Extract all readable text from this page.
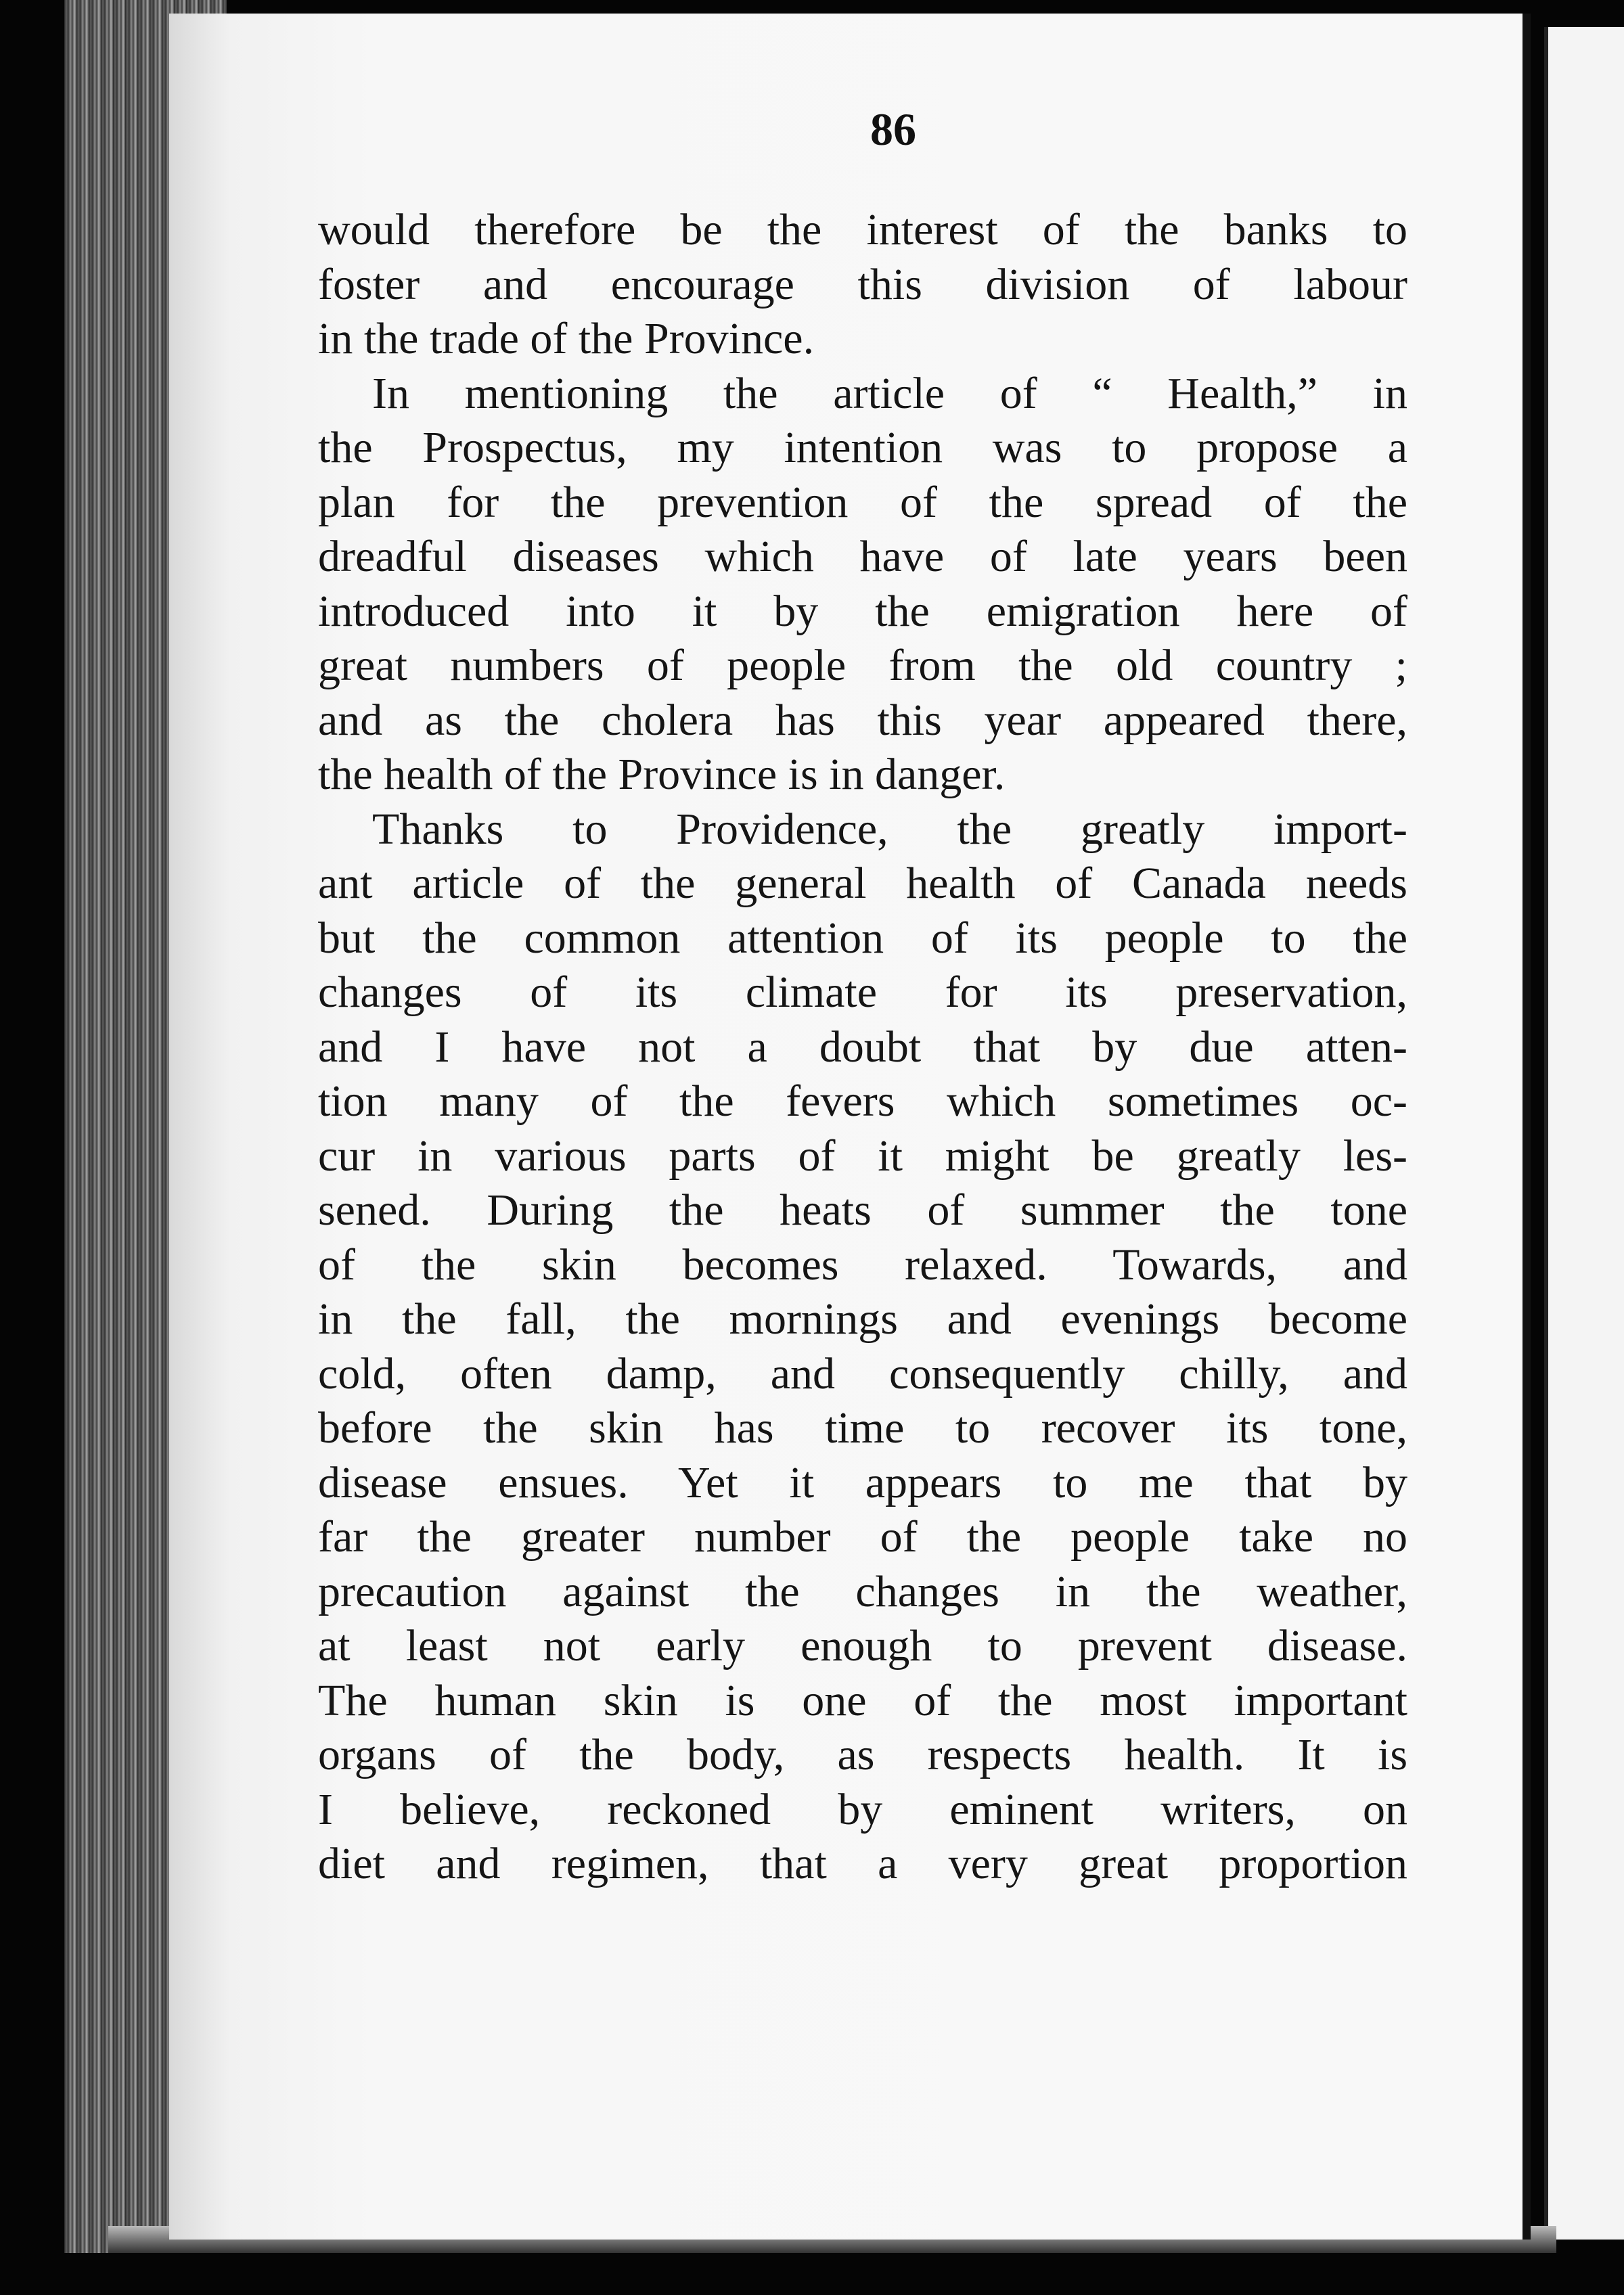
86
would therefore be the interest of the banks to
foster and encourage this division of labour
in the trade of the Province.
In mentioning the article of “ Health,” in
the Prospectus, my intention was to propose a
plan for the prevention of the spread of the
dreadful diseases which have of late years been
introduced into it by the emigration here of
great numbers of people from the old country ;
and as the cholera has this year appeared there,
the health of the Province is in danger.
Thanks to Providence, the greatly import-
ant article of the general health of Canada needs
but the common attention of its people to the
changes of its climate for its preservation,
and I have not a doubt that by due atten-
tion many of the fevers which sometimes oc-
cur in various parts of it might be greatly les-
sened. During the heats of summer the tone
of the skin becomes relaxed. Towards, and
in the fall, the mornings and evenings become
cold, often damp, and consequently chilly, and
before the skin has time to recover its tone,
disease ensues. Yet it appears to me that by
far the greater number of the people take no
precaution against the changes in the weather,
at least not early enough to prevent disease.
The human skin is one of the most important
organs of the body, as respects health. It is
I believe, reckoned by eminent writers, on
diet and regimen, that a very great proportion
